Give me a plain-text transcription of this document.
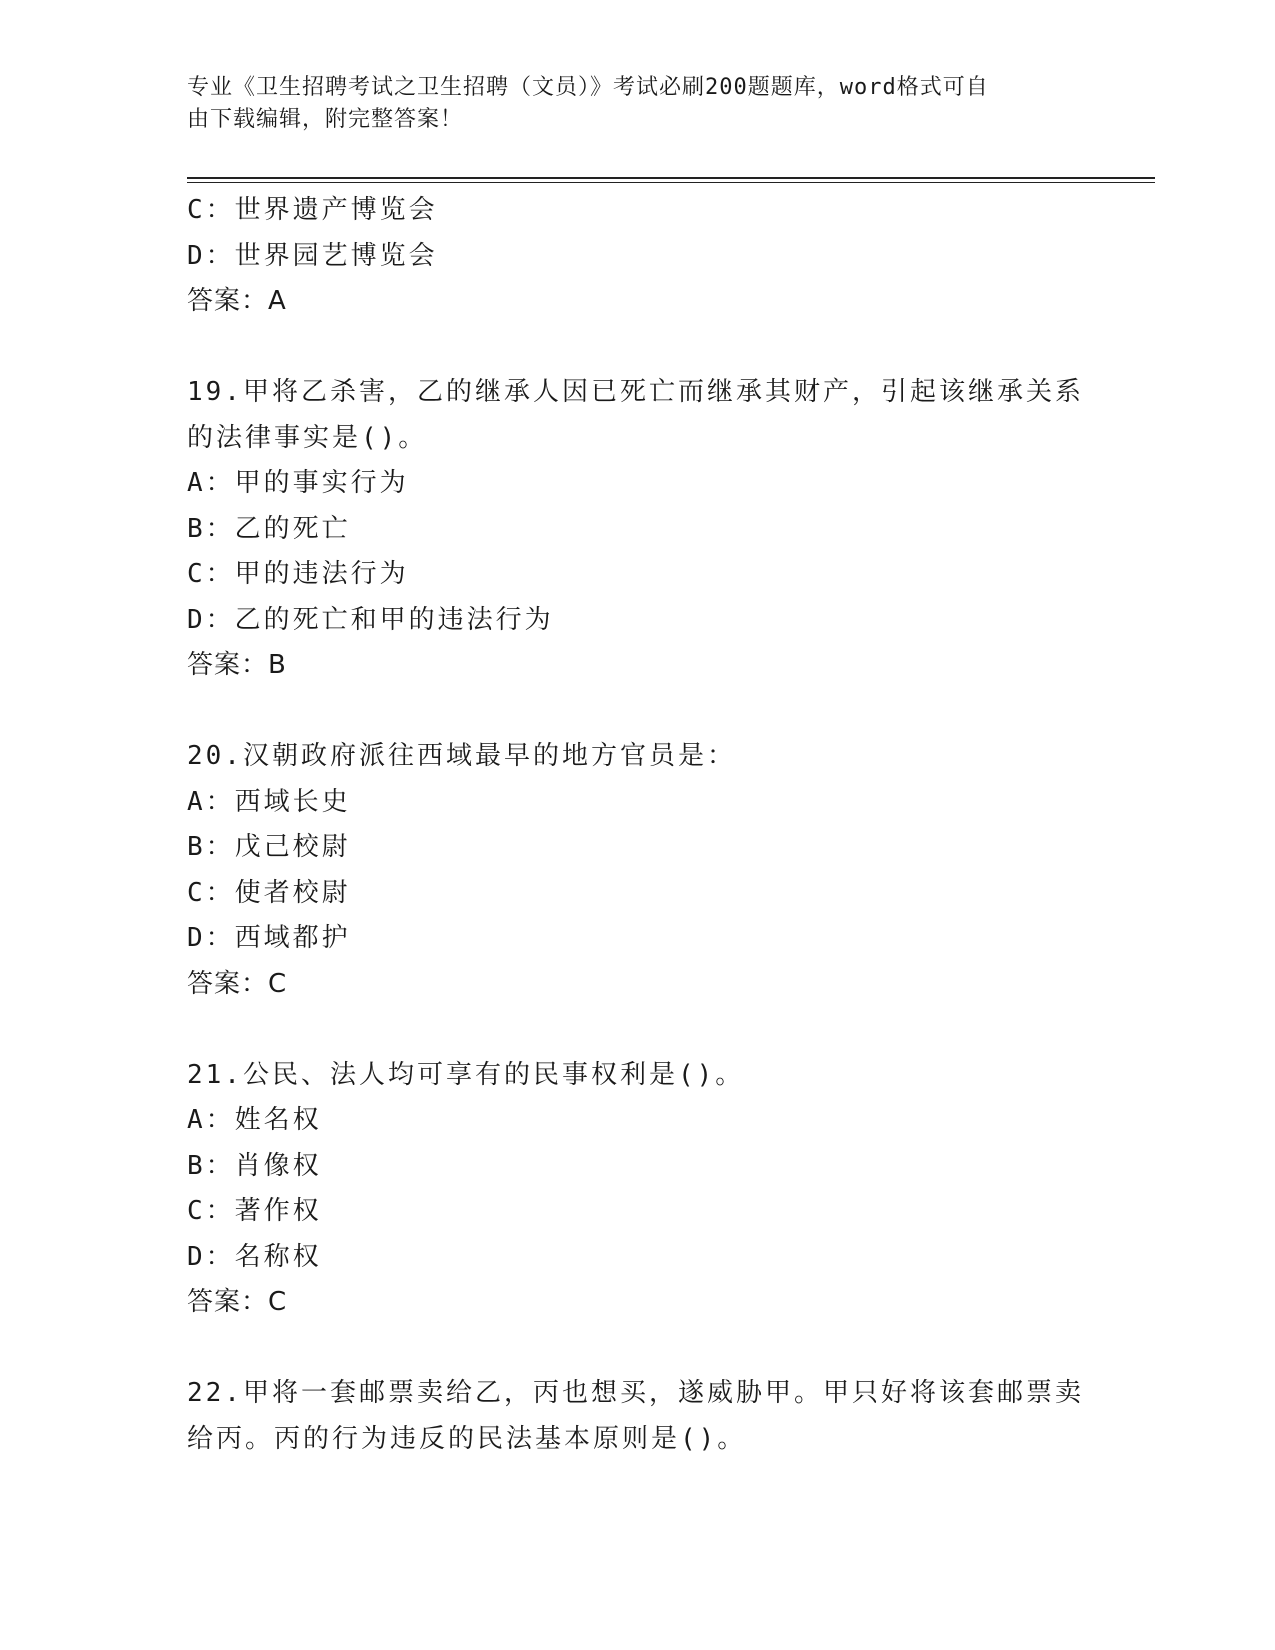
专业《卫生招聘考试之卫生招聘（文员）》考试必刷200题题库，word格式可自
由下载编辑，附完整答案！
C：世界遗产博览会
D：世界园艺博览会
答案：A
19.甲将乙杀害，乙的继承人因已死亡而继承其财产，引起该继承关系
的法律事实是()。
A：甲的事实行为
B：乙的死亡
C：甲的违法行为
D：乙的死亡和甲的违法行为
答案：B
20.汉朝政府派往西域最早的地方官员是：
A：西域长史
B：戊己校尉
C：使者校尉
D：西域都护
答案：C
21.公民、法人均可享有的民事权利是()。
A：姓名权
B：肖像权
C：著作权
D：名称权
答案：C
22.甲将一套邮票卖给乙，丙也想买，遂威胁甲。甲只好将该套邮票卖
给丙。丙的行为违反的民法基本原则是()。
